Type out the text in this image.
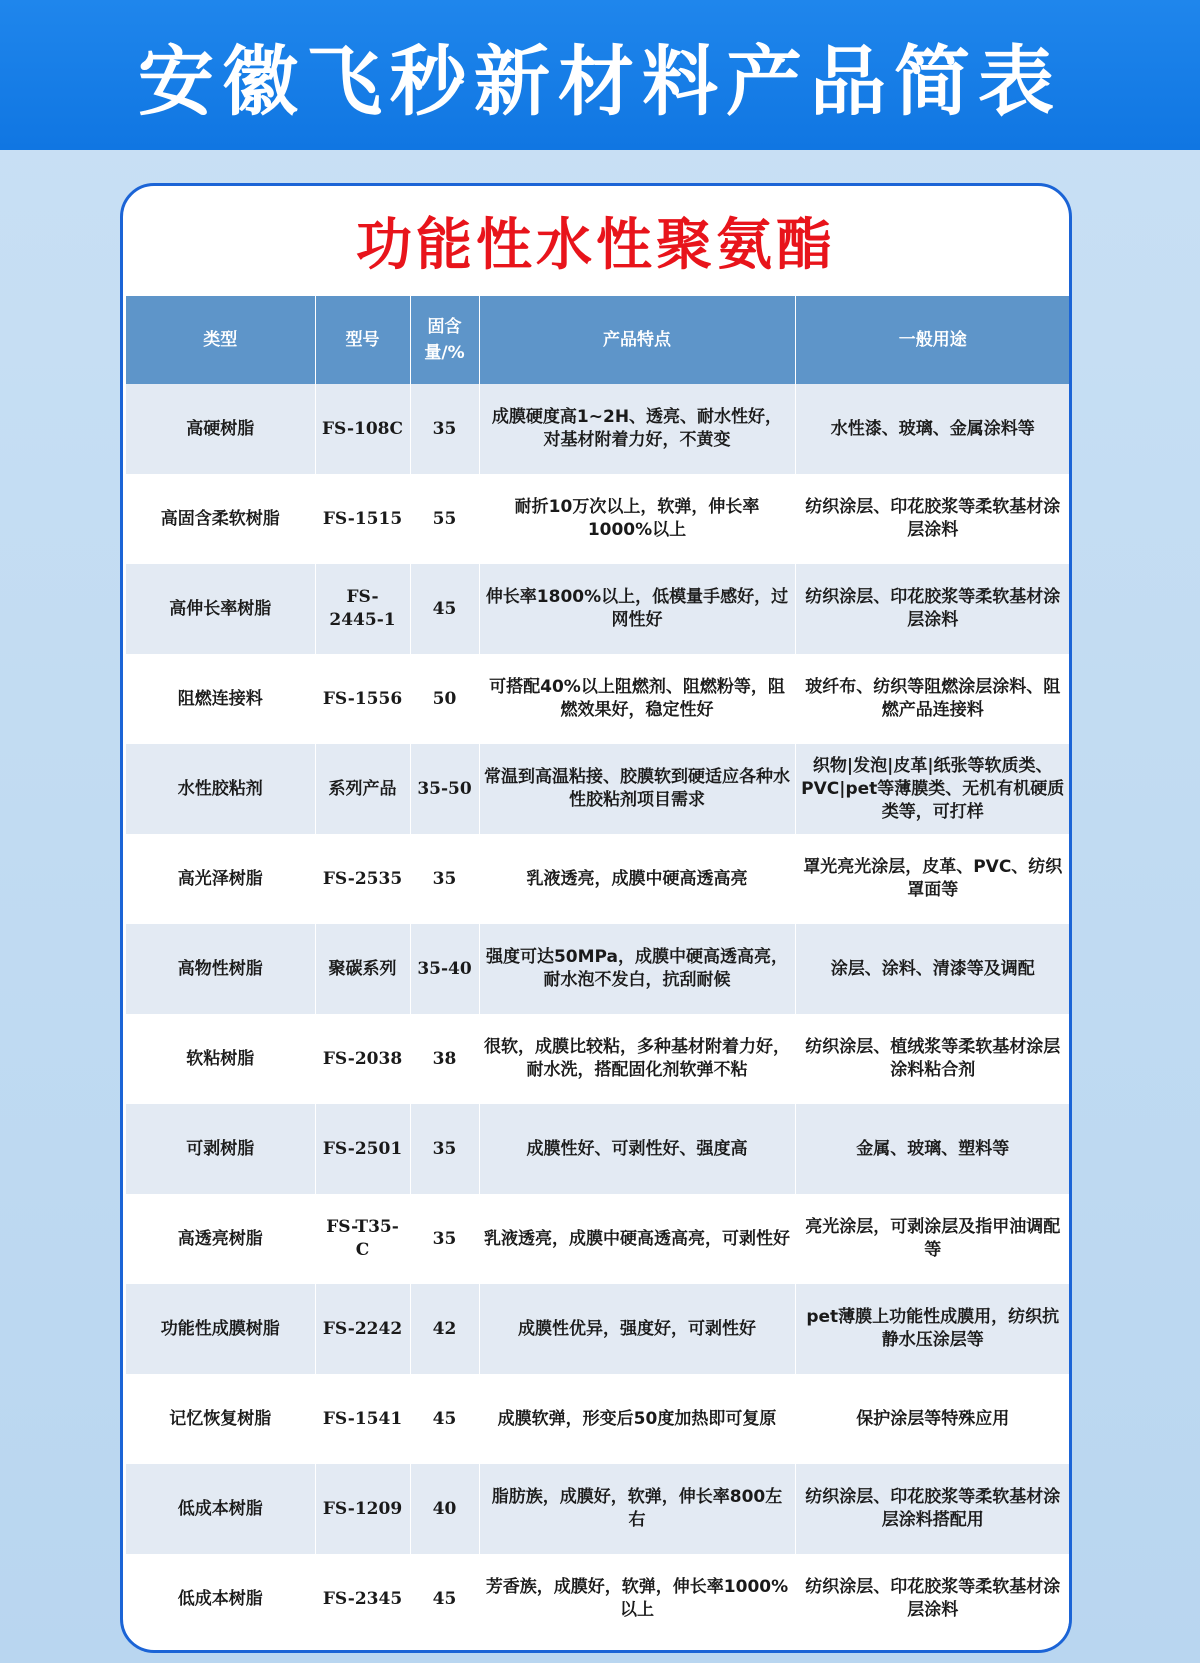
安徽飞秒新材料产品简表
功能性水性聚氨酯
类型	型号	固含量/%	产品特点	一般用途
高硬树脂	FS-108C	35	成膜硬度高1~2H、透亮、耐水性好，对基材附着力好，不黄变	水性漆、玻璃、金属涂料等
高固含柔软树脂	FS-1515	55	耐折10万次以上，软弹，伸长率1000%以上	纺织涂层、印花胶浆等柔软基材涂层涂料
高伸长率树脂	FS-2445-1	45	伸长率1800%以上，低模量手感好，过网性好	纺织涂层、印花胶浆等柔软基材涂层涂料
阻燃连接料	FS-1556	50	可搭配40%以上阻燃剂、阻燃粉等，阻燃效果好，稳定性好	玻纤布、纺织等阻燃涂层涂料、阻燃产品连接料
水性胶粘剂	系列产品	35-50	常温到高温粘接、胶膜软到硬适应各种水性胶粘剂项目需求	织物|发泡|皮革|纸张等软质类、PVC|pet等薄膜类、无机有机硬质类等，可打样
高光泽树脂	FS-2535	35	乳液透亮，成膜中硬高透高亮	罩光亮光涂层，皮革、PVC、纺织罩面等
高物性树脂	聚碳系列	35-40	强度可达50MPa，成膜中硬高透高亮，耐水泡不发白，抗刮耐候	涂层、涂料、清漆等及调配
软粘树脂	FS-2038	38	很软，成膜比较粘，多种基材附着力好，耐水洗，搭配固化剂软弹不粘	纺织涂层、植绒浆等柔软基材涂层涂料粘合剂
可剥树脂	FS-2501	35	成膜性好、可剥性好、强度高	金属、玻璃、塑料等
高透亮树脂	FS-T35-C	35	乳液透亮，成膜中硬高透高亮，可剥性好	亮光涂层，可剥涂层及指甲油调配等
功能性成膜树脂	FS-2242	42	成膜性优异，强度好，可剥性好	pet薄膜上功能性成膜用，纺织抗静水压涂层等
记忆恢复树脂	FS-1541	45	成膜软弹，形变后50度加热即可复原	保护涂层等特殊应用
低成本树脂	FS-1209	40	脂肪族，成膜好，软弹，伸长率800左右	纺织涂层、印花胶浆等柔软基材涂层涂料搭配用
低成本树脂	FS-2345	45	芳香族，成膜好，软弹，伸长率1000%以上	纺织涂层、印花胶浆等柔软基材涂层涂料
